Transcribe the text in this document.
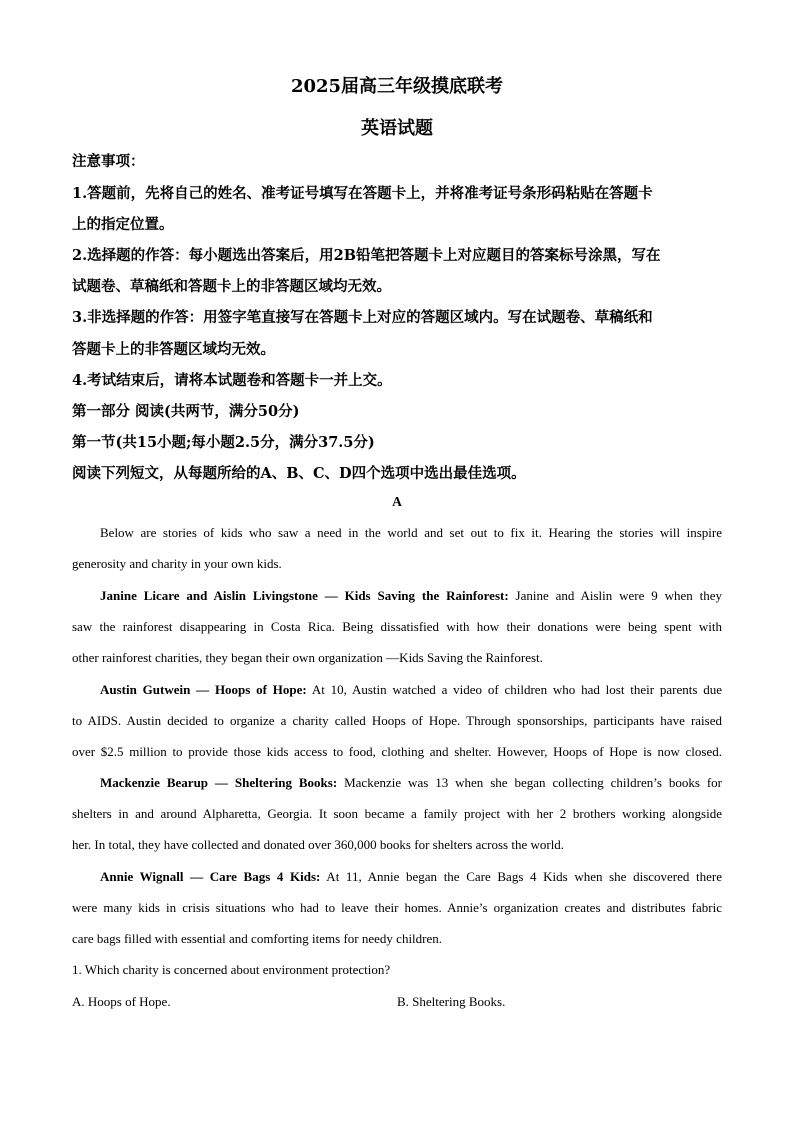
2025届高三年级摸底联考
英语试题
注意事项：
1.答题前，先将自己的姓名、准考证号填写在答题卡上，并将准考证号条形码粘贴在答题卡
上的指定位置。
2.选择题的作答：每小题选出答案后，用2B铅笔把答题卡上对应题目的答案标号涂黑，写在
试题卷、草稿纸和答题卡上的非答题区域均无效。
3.非选择题的作答：用签字笔直接写在答题卡上对应的答题区域内。写在试题卷、草稿纸和
答题卡上的非答题区域均无效。
4.考试结束后，请将本试题卷和答题卡一并上交。
第一部分 阅读(共两节，满分50分)
第一节(共15小题;每小题2.5分，满分37.5分)
阅读下列短文，从每题所给的A、B、C、D四个选项中选出最佳选项。
A
Below are stories of kids who saw a need in the world and set out to fix it. Hearing the stories will inspire
generosity and charity in your own kids.
Janine Licare and Aislin Livingstone — Kids Saving the Rainforest: Janine and Aislin were 9 when they
saw the rainforest disappearing in Costa Rica. Being dissatisfied with how their donations were being spent with
other rainforest charities, they began their own organization —Kids Saving the Rainforest.
Austin Gutwein — Hoops of Hope: At 10, Austin watched a video of children who had lost their parents due
to AIDS. Austin decided to organize a charity called Hoops of Hope. Through sponsorships, participants have raised
over $2.5 million to provide those kids access to food, clothing and shelter. However, Hoops of Hope is now closed.
Mackenzie Bearup — Sheltering Books: Mackenzie was 13 when she began collecting children’s books for
shelters in and around Alpharetta, Georgia. It soon became a family project with her 2 brothers working alongside
her. In total, they have collected and donated over 360,000 books for shelters across the world.
Annie Wignall — Care Bags 4 Kids: At 11, Annie began the Care Bags 4 Kids when she discovered there
were many kids in crisis situations who had to leave their homes. Annie’s organization creates and distributes fabric
care bags filled with essential and comforting items for needy children.
1. Which charity is concerned about environment protection?
A. Hoops of Hope.	B. Sheltering Books.
